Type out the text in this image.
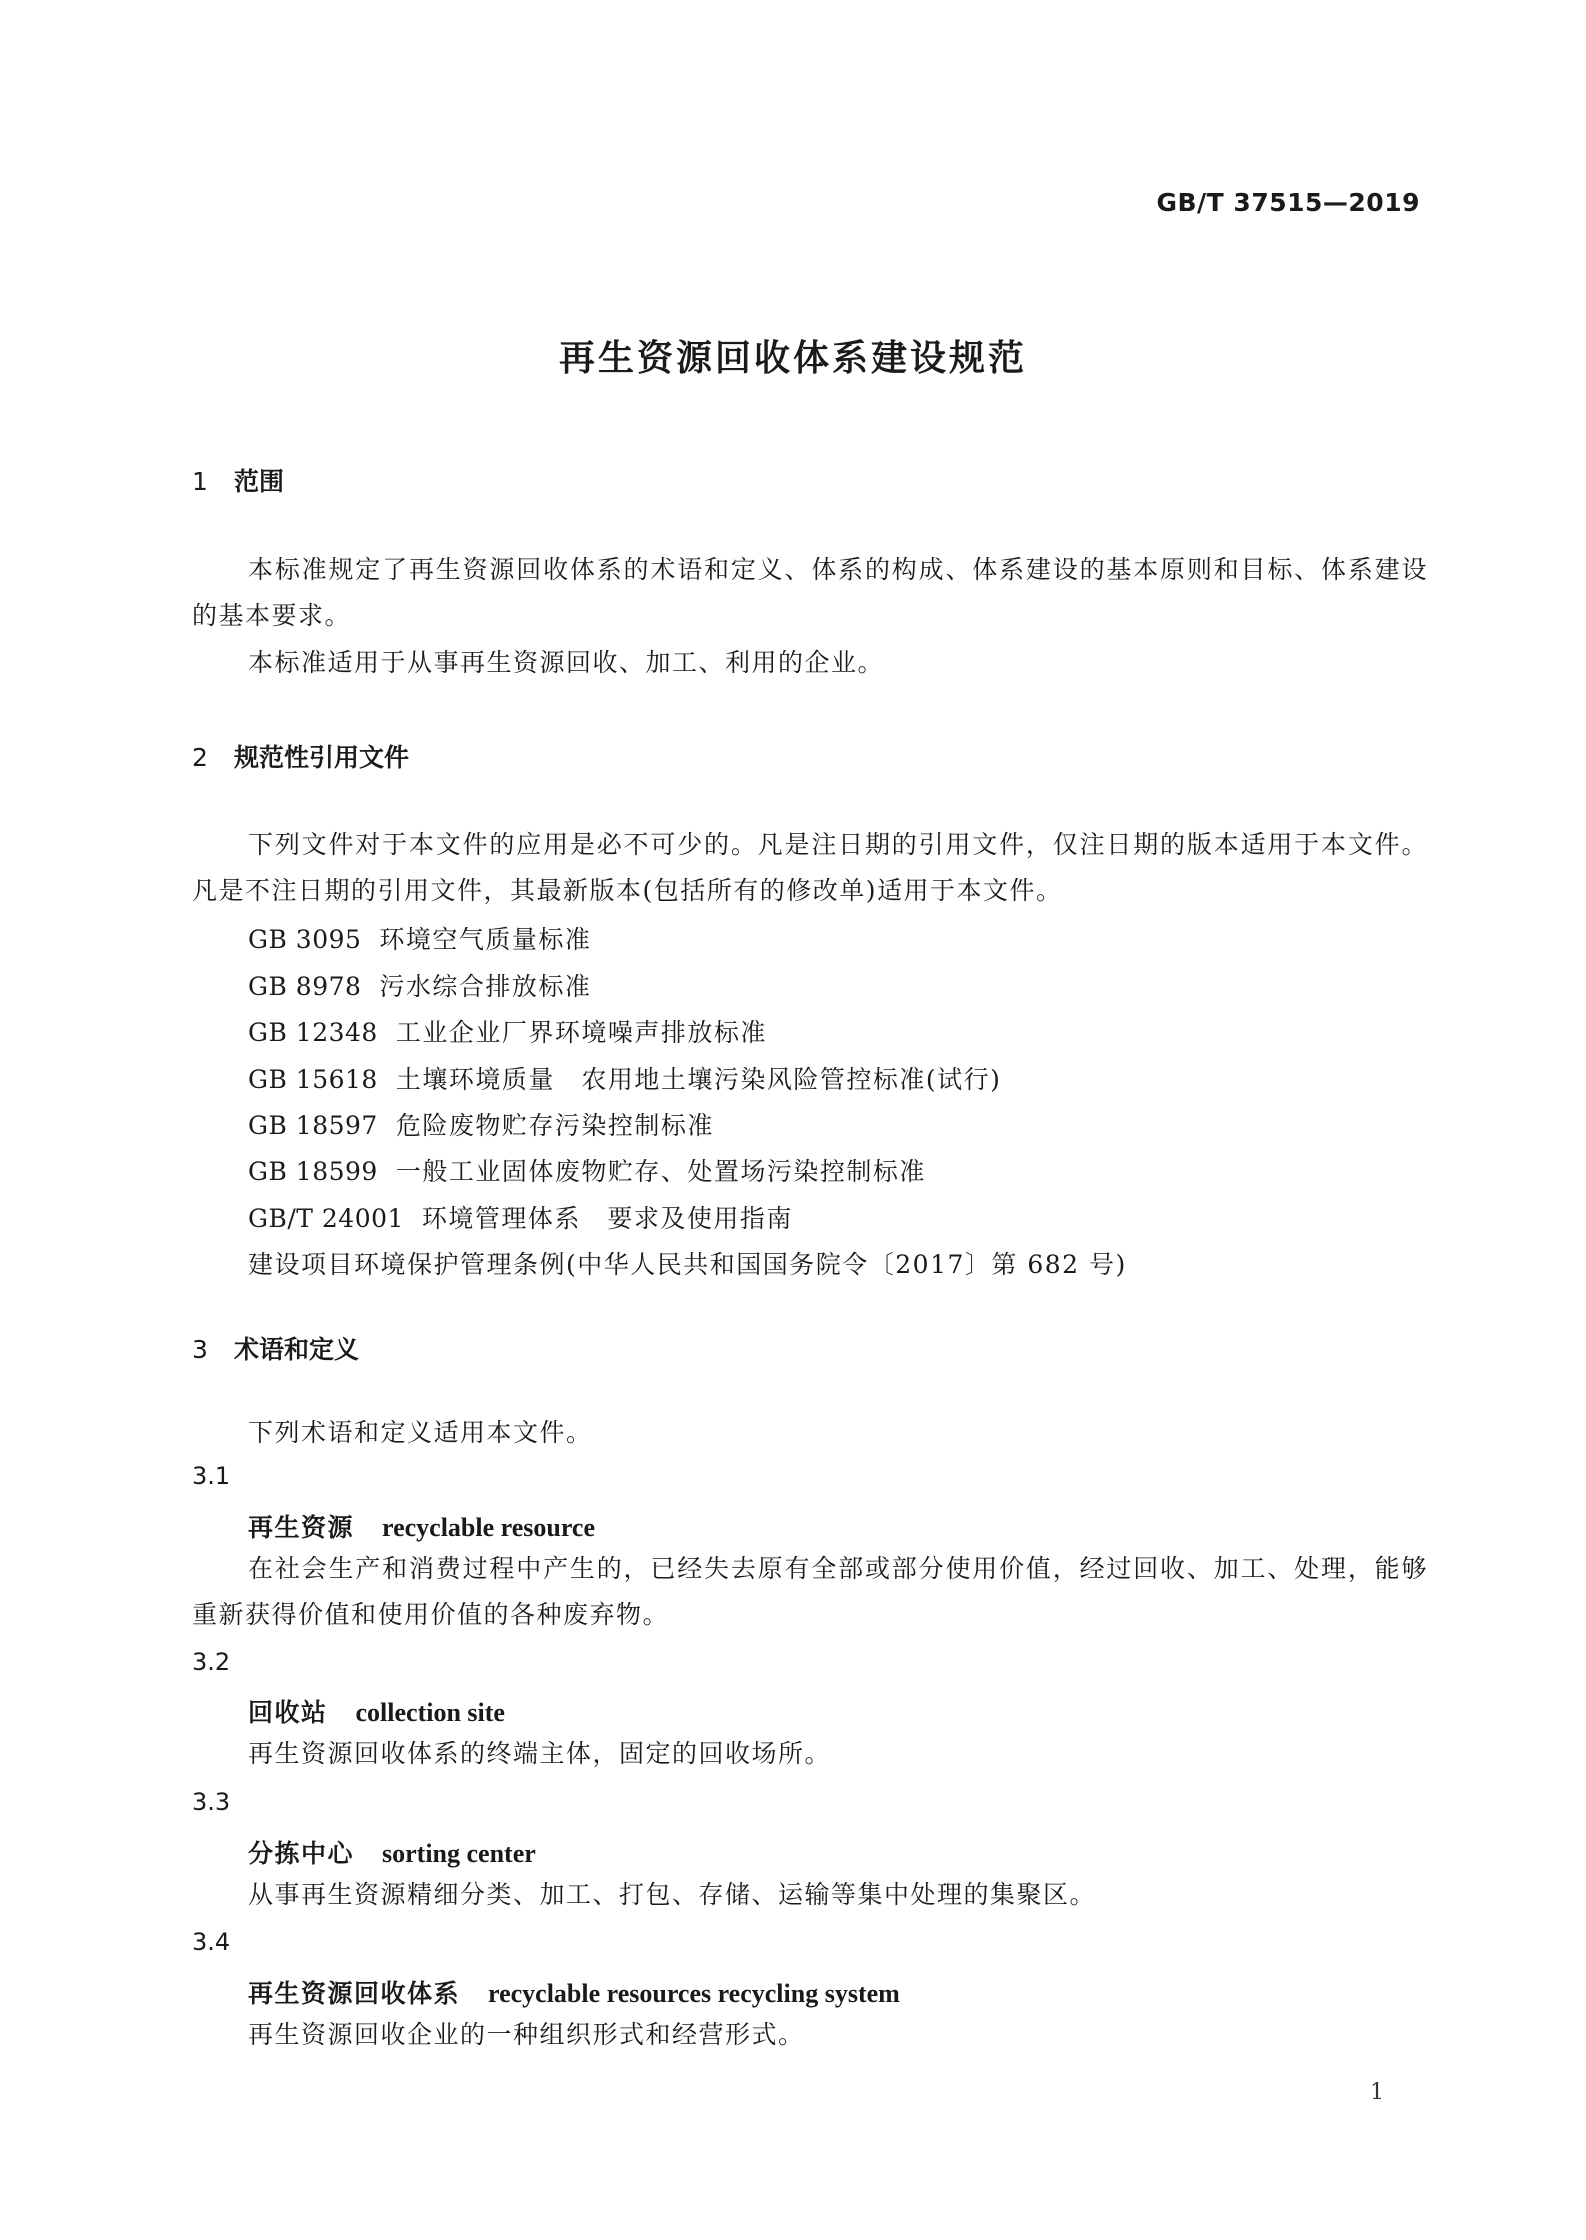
GB/T 37515—2019
再生资源回收体系建设规范
1 范围
本标准规定了再生资源回收体系的术语和定义、体系的构成、体系建设的基本原则和目标、体系建设的基本要求。
本标准适用于从事再生资源回收、加工、利用的企业。
2 规范性引用文件
下列文件对于本文件的应用是必不可少的。凡是注日期的引用文件，仅注日期的版本适用于本文件。凡是不注日期的引用文件，其最新版本(包括所有的修改单)适用于本文件。
GB 3095 环境空气质量标准
GB 8978 污水综合排放标准
GB 12348 工业企业厂界环境噪声排放标准
GB 15618 土壤环境质量　农用地土壤污染风险管控标准(试行)
GB 18597 危险废物贮存污染控制标准
GB 18599 一般工业固体废物贮存、处置场污染控制标准
GB/T 24001 环境管理体系　要求及使用指南
建设项目环境保护管理条例(中华人民共和国国务院令〔2017〕第 682 号)
3 术语和定义
下列术语和定义适用本文件。
3.1
再生资源 recyclable resource
在社会生产和消费过程中产生的，已经失去原有全部或部分使用价值，经过回收、加工、处理，能够重新获得价值和使用价值的各种废弃物。
3.2
回收站 collection site
再生资源回收体系的终端主体，固定的回收场所。
3.3
分拣中心 sorting center
从事再生资源精细分类、加工、打包、存储、运输等集中处理的集聚区。
3.4
再生资源回收体系 recyclable resources recycling system
再生资源回收企业的一种组织形式和经营形式。
1
